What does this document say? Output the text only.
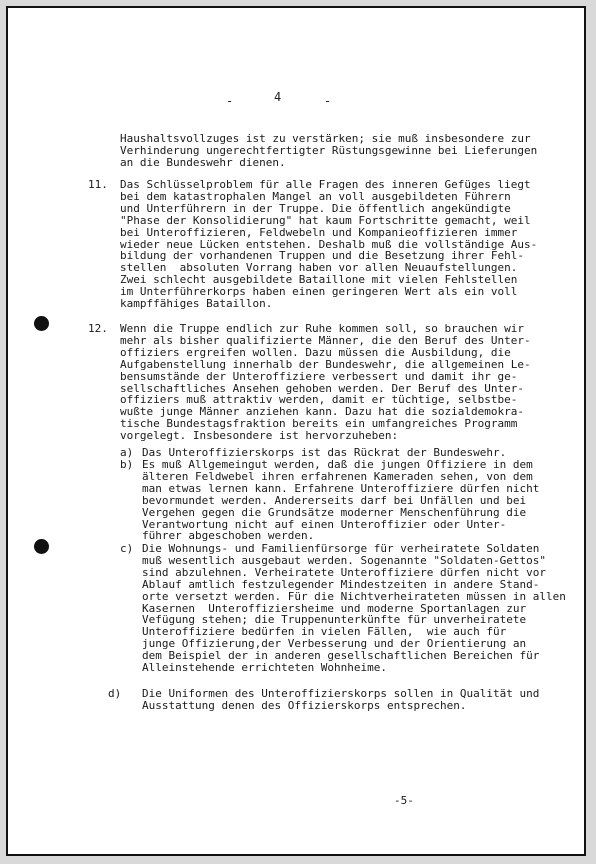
-	4	-
Haushaltsvollzuges ist zu verstärken; sie muß insbesondere zur
Verhinderung ungerechtfertigter Rüstungsgewinne bei Lieferungen
an die Bundeswehr dienen.
11. Das Schlüsselproblem für alle Fragen des inneren Gefüges liegt
bei dem katastrophalen Mangel an voll ausgebildeten Führern
und Unterführern in der Truppe. Die öffentlich angekündigte
"Phase der Konsolidierung" hat kaum Fortschritte gemacht, weil
bei Unteroffizieren, Feldwebeln und Kompanieoffizieren immer
wieder neue Lücken entstehen. Deshalb muß die vollständige Aus-
bildung der vorhandenen Truppen und die Besetzung ihrer Fehl-
stellen  absoluten Vorrang haben vor allen Neuaufstellungen.
Zwei schlecht ausgebildete Bataillone mit vielen Fehlstellen
im Unterführerkorps haben einen geringeren Wert als ein voll
kampffähiges Bataillon.
12. Wenn die Truppe endlich zur Ruhe kommen soll, so brauchen wir
mehr als bisher qualifizierte Männer, die den Beruf des Unter-
offiziers ergreifen wollen. Dazu müssen die Ausbildung, die
Aufgabenstellung innerhalb der Bundeswehr, die allgemeinen Le-
bensumstände der Unteroffiziere verbessert und damit ihr ge-
sellschaftliches Ansehen gehoben werden. Der Beruf des Unter-
offiziers muß attraktiv werden, damit er tüchtige, selbstbe-
wußte junge Männer anziehen kann. Dazu hat die sozialdemokra-
tische Bundestagsfraktion bereits ein umfangreiches Programm
vorgelegt. Insbesondere ist hervorzuheben:
a) Das Unteroffizierskorps ist das Rückrat der Bundeswehr.
b) Es muß Allgemeingut werden, daß die jungen Offiziere in dem
älteren Feldwebel ihren erfahrenen Kameraden sehen, von dem
man etwas lernen kann. Erfahrene Unteroffiziere dürfen nicht
bevormundet werden. Andererseits darf bei Unfällen und bei
Vergehen gegen die Grundsätze moderner Menschenführung die
Verantwortung nicht auf einen Unteroffizier oder Unter-
führer abgeschoben werden.
c) Die Wohnungs- und Familienfürsorge für verheiratete Soldaten
muß wesentlich ausgebaut werden. Sogenannte "Soldaten-Gettos"
sind abzulehnen. Verheiratete Unteroffiziere dürfen nicht vor
Ablauf amtlich festzulegender Mindestzeiten in andere Stand-
orte versetzt werden. Für die Nichtverheirateten müssen in allen
Kasernen  Unteroffiziersheime und moderne Sportanlagen zur
Vefügung stehen; die Truppenunterkünfte für unverheiratete
Unteroffiziere bedürfen in vielen Fällen,  wie auch für
junge Offizierung,der Verbesserung und der Orientierung an
dem Beispiel der in anderen gesellschaftlichen Bereichen für
Alleinstehende errichteten Wohnheime.
d) Die Uniformen des Unteroffizierskorps sollen in Qualität und
Ausstattung denen des Offizierskorps entsprechen.
-5-
